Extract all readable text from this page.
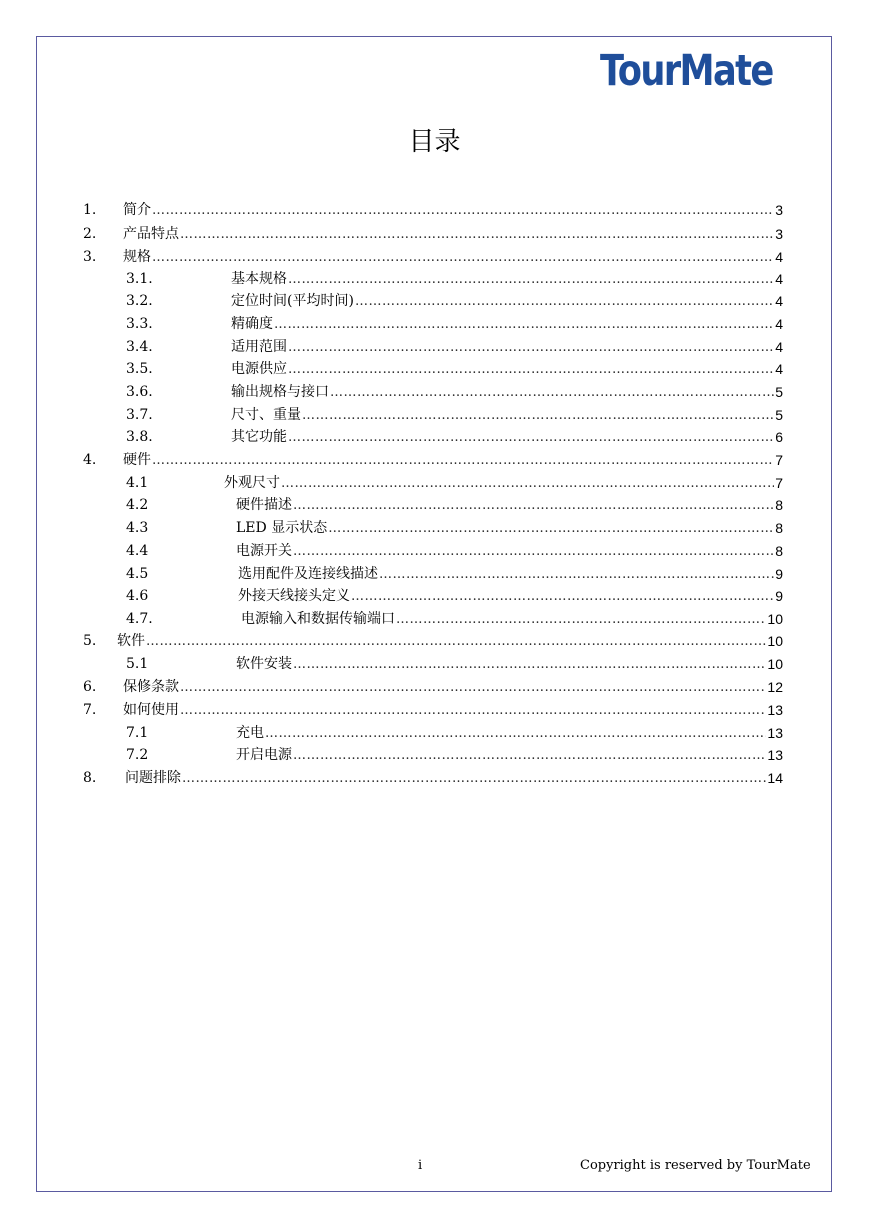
TourMate
目录
1.	简介 ……………………………………………………………………………………………………………………………………………………………………	3
2.	产品特点 ……………………………………………………………………………………………………………………………………………………………………	3
3.	规格 ……………………………………………………………………………………………………………………………………………………………………	4
3.1.	基本规格 ……………………………………………………………………………………………………………………………………………………………………	4
3.2.	定位时间(平均时间) ……………………………………………………………………………………………………………………………………………………………………	4
3.3.	精确度 ……………………………………………………………………………………………………………………………………………………………………	4
3.4.	适用范围 ……………………………………………………………………………………………………………………………………………………………………	4
3.5.	电源供应 ……………………………………………………………………………………………………………………………………………………………………	4
3.6.	输出规格与接口 ……………………………………………………………………………………………………………………………………………………………………	5
3.7.	尺寸、重量 ……………………………………………………………………………………………………………………………………………………………………	5
3.8.	其它功能 ……………………………………………………………………………………………………………………………………………………………………	6
4.	硬件 ……………………………………………………………………………………………………………………………………………………………………	7
4.1	外观尺寸 ……………………………………………………………………………………………………………………………………………………………………	7
4.2	硬件描述 ……………………………………………………………………………………………………………………………………………………………………	8
4.3	LED 显示状态 ……………………………………………………………………………………………………………………………………………………………………	8
4.4	电源开关 ……………………………………………………………………………………………………………………………………………………………………	8
4.5	选用配件及连接线描述 ……………………………………………………………………………………………………………………………………………………………………	9
4.6	外接天线接头定义 ……………………………………………………………………………………………………………………………………………………………………	9
4.7.	电源输入和数据传输端口 ……………………………………………………………………………………………………………………………………………………………………	10
5.	软件 ……………………………………………………………………………………………………………………………………………………………………	10
5.1	软件安装 ……………………………………………………………………………………………………………………………………………………………………	10
6.	保修条款 ……………………………………………………………………………………………………………………………………………………………………	12
7.	如何使用 ……………………………………………………………………………………………………………………………………………………………………	13
7.1	充电 ……………………………………………………………………………………………………………………………………………………………………	13
7.2	开启电源 ……………………………………………………………………………………………………………………………………………………………………	13
8.	问题排除 ……………………………………………………………………………………………………………………………………………………………………	14
i	Copyright is reserved by TourMate
